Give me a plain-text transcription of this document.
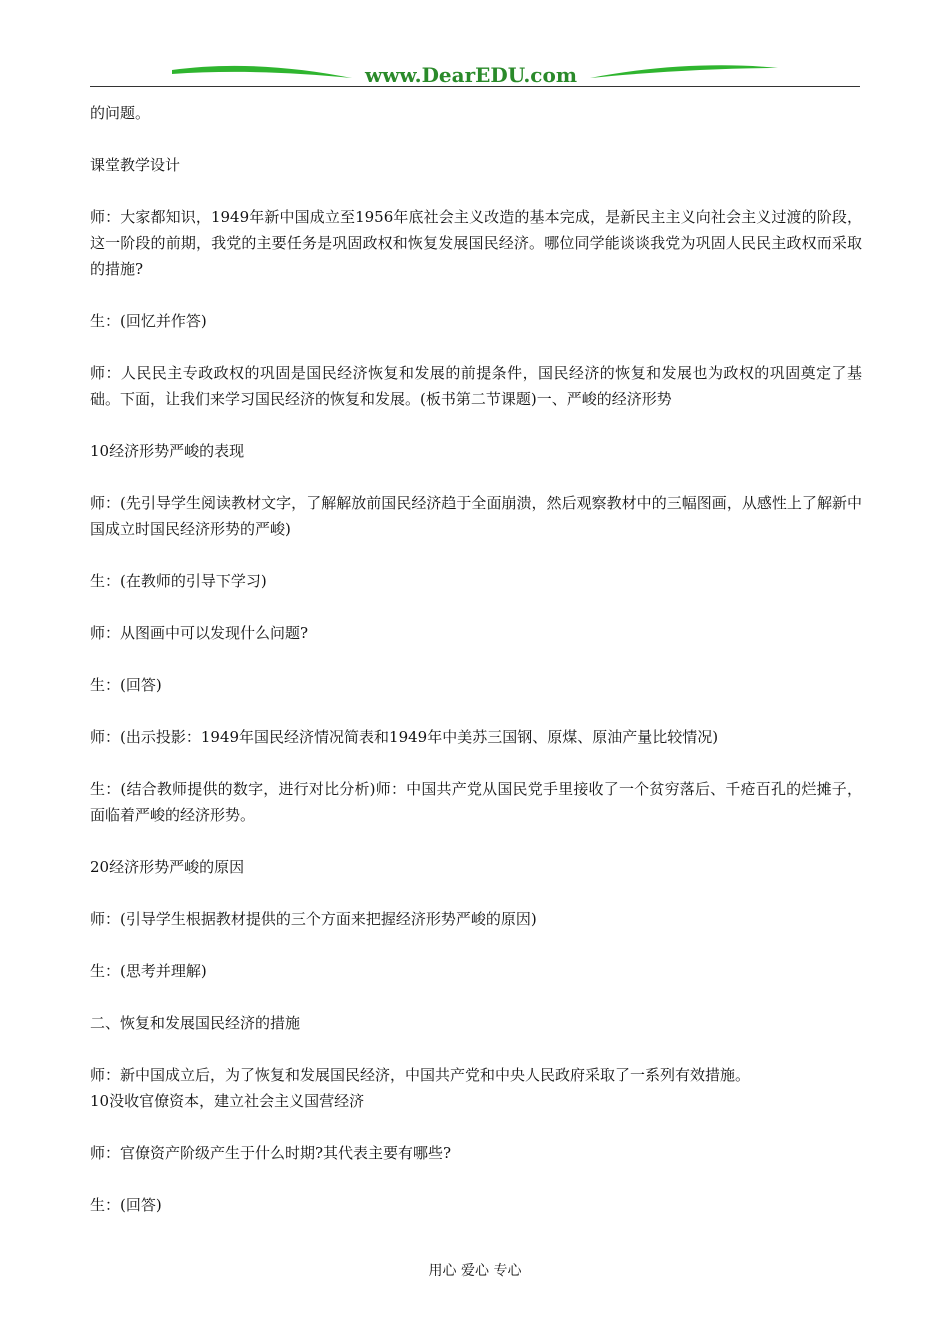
www.DearEDU.com

的问题。

课堂教学设计

师：大家都知识，1949年新中国成立至1956年底社会主义改造的基本完成，是新民主主义向社会主义过渡的阶段，这一阶段的前期，我党的主要任务是巩固政权和恢复发展国民经济。哪位同学能谈谈我党为巩固人民民主政权而采取的措施?

生：(回忆并作答)

师：人民民主专政政权的巩固是国民经济恢复和发展的前提条件，国民经济的恢复和发展也为政权的巩固奠定了基础。下面，让我们来学习国民经济的恢复和发展。(板书第二节课题)一、严峻的经济形势

10经济形势严峻的表现

师：(先引导学生阅读教材文字，了解解放前国民经济趋于全面崩溃，然后观察教材中的三幅图画，从感性上了解新中国成立时国民经济形势的严峻)

生：(在教师的引导下学习)

师：从图画中可以发现什么问题?

生：(回答)

师：(出示投影：1949年国民经济情况简表和1949年中美苏三国钢、原煤、原油产量比较情况)

生：(结合教师提供的数字，进行对比分析)师：中国共产党从国民党手里接收了一个贫穷落后、千疮百孔的烂摊子，面临着严峻的经济形势。

20经济形势严峻的原因

师：(引导学生根据教材提供的三个方面来把握经济形势严峻的原因)

生：(思考并理解)

二、恢复和发展国民经济的措施

师：新中国成立后，为了恢复和发展国民经济，中国共产党和中央人民政府采取了一系列有效措施。

10没收官僚资本，建立社会主义国营经济

师：官僚资产阶级产生于什么时期?其代表主要有哪些?

生：(回答)

用心 爱心 专心
